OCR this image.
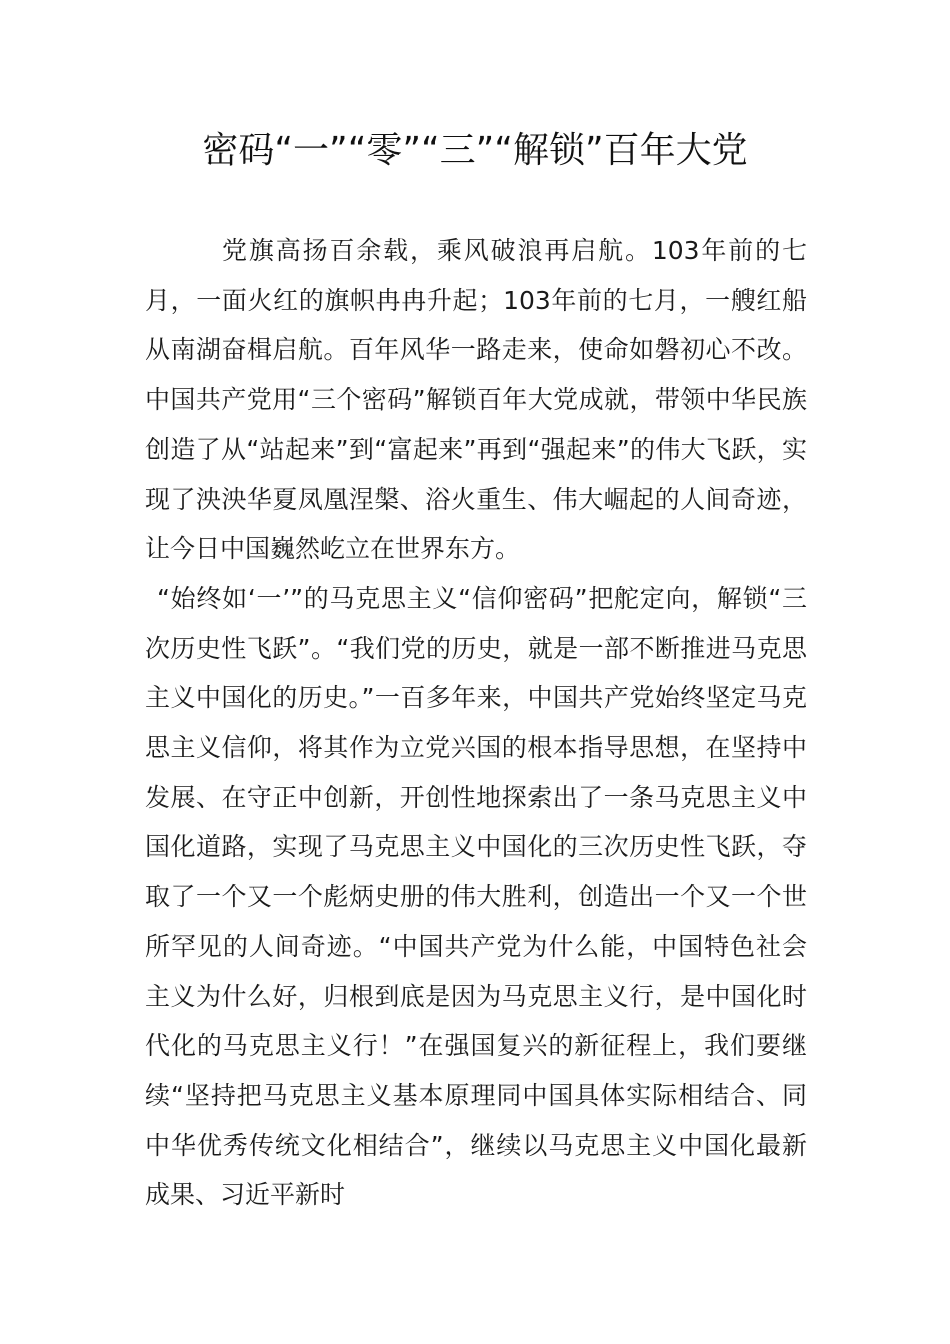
密码“一”“零”“三”“解锁”百年大党

党旗高扬百余载，乘风破浪再启航。103年前的七月，一面火红的旗帜冉冉升起；103年前的七月，一艘红船从南湖奋楫启航。百年风华一路走来，使命如磐初心不改。中国共产党用“三个密码”解锁百年大党成就，带领中华民族创造了从“站起来”到“富起来”再到“强起来”的伟大飞跃，实现了泱泱华夏凤凰涅槃、浴火重生、伟大崛起的人间奇迹，让今日中国巍然屹立在世界东方。

“始终如‘一’”的马克思主义“信仰密码”把舵定向，解锁“三次历史性飞跃”。“我们党的历史，就是一部不断推进马克思主义中国化的历史。”一百多年来，中国共产党始终坚定马克思主义信仰，将其作为立党兴国的根本指导思想，在坚持中发展、在守正中创新，开创性地探索出了一条马克思主义中国化道路，实现了马克思主义中国化的三次历史性飞跃，夺取了一个又一个彪炳史册的伟大胜利，创造出一个又一个世所罕见的人间奇迹。“中国共产党为什么能，中国特色社会主义为什么好，归根到底是因为马克思主义行，是中国化时代化的马克思主义行！”在强国复兴的新征程上，我们要继续“坚持把马克思主义基本原理同中国具体实际相结合、同中华优秀传统文化相结合”，继续以马克思主义中国化最新成果、习近平新时
